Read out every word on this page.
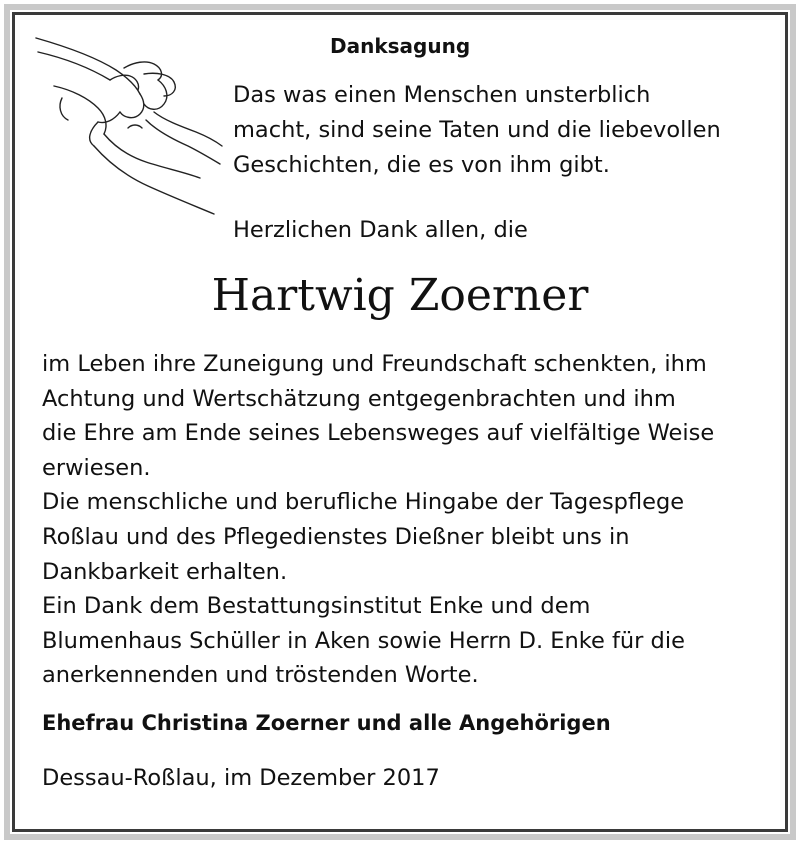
Danksagung
Das was einen Menschen unsterblich
macht, sind seine Taten und die liebevollen
Geschichten, die es von ihm gibt.
Herzlichen Dank allen, die
Hartwig Zoerner
im Leben ihre Zuneigung und Freundschaft schenkten, ihm
Achtung und Wertschätzung entgegenbrachten und ihm
die Ehre am Ende seines Lebensweges auf vielfältige Weise
erwiesen.
Die menschliche und berufliche Hingabe der Tagespflege
Roßlau und des Pflegedienstes Dießner bleibt uns in
Dankbarkeit erhalten.
Ein Dank dem Bestattungsinstitut Enke und dem
Blumenhaus Schüller in Aken sowie Herrn D. Enke für die
anerkennenden und tröstenden Worte.
Ehefrau Christina Zoerner und alle Angehörigen
Dessau-Roßlau, im Dezember 2017
